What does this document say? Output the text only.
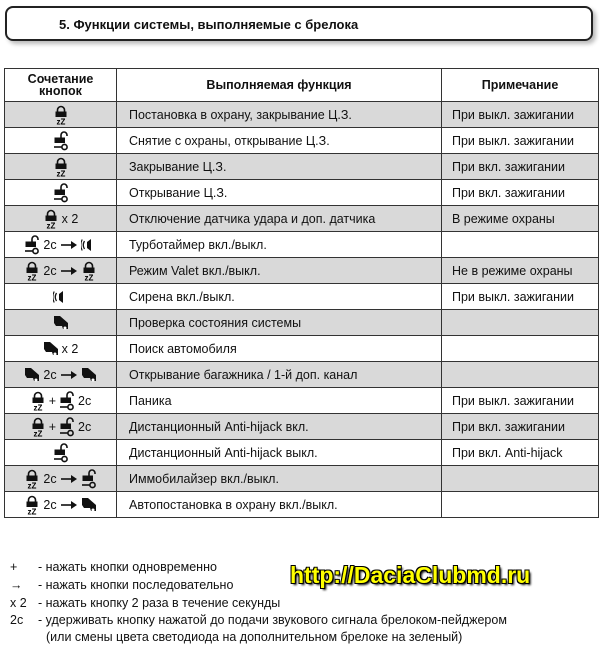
5. Функции системы, выполняемые с брелока
Сочетание
кнопок	Выполняемая функция	Примечание

zZ	Постановка в охрану, закрывание Ц.З.	При выкл. зажигании

	Снятие с охраны, открывание Ц.З.	При выкл. зажигании

zZ	Закрывание Ц.З.	При вкл. зажигании

	Открывание Ц.З.	При вкл. зажигании

zZ x 2	Отключение датчика удара и доп. датчика	В режиме охраны

2c	Турботаймер вкл./выкл.	

zZ 2c zZ	Режим Valet вкл./выкл.	Не в режиме охраны

	Сирена вкл./выкл.	При выкл. зажигании

	Проверка состояния системы	

x 2	Поиск автомобиля	

2c	Открывание багажника / 1-й доп. канал	

zZ + 2c	Паника	При выкл. зажигании

zZ + 2c	Дистанционный Anti-hijack вкл.	При вкл. зажигании

	Дистанционный Anti-hijack выкл.	При вкл. Anti-hijack

zZ 2c	Иммобилайзер вкл./выкл.	

zZ 2c	Автопостановка в охрану вкл./выкл.	
+ - нажать кнопки одновременно
→ - нажать кнопки последовательно
x 2 - нажать кнопку 2 раза в течение секунды
2c - удерживать кнопку нажатой до подачи звукового сигнала брелоком-пейджером
(или смены цвета светодиода на дополнительном брелоке на зеленый)
http://DaciaClubmd.ru
